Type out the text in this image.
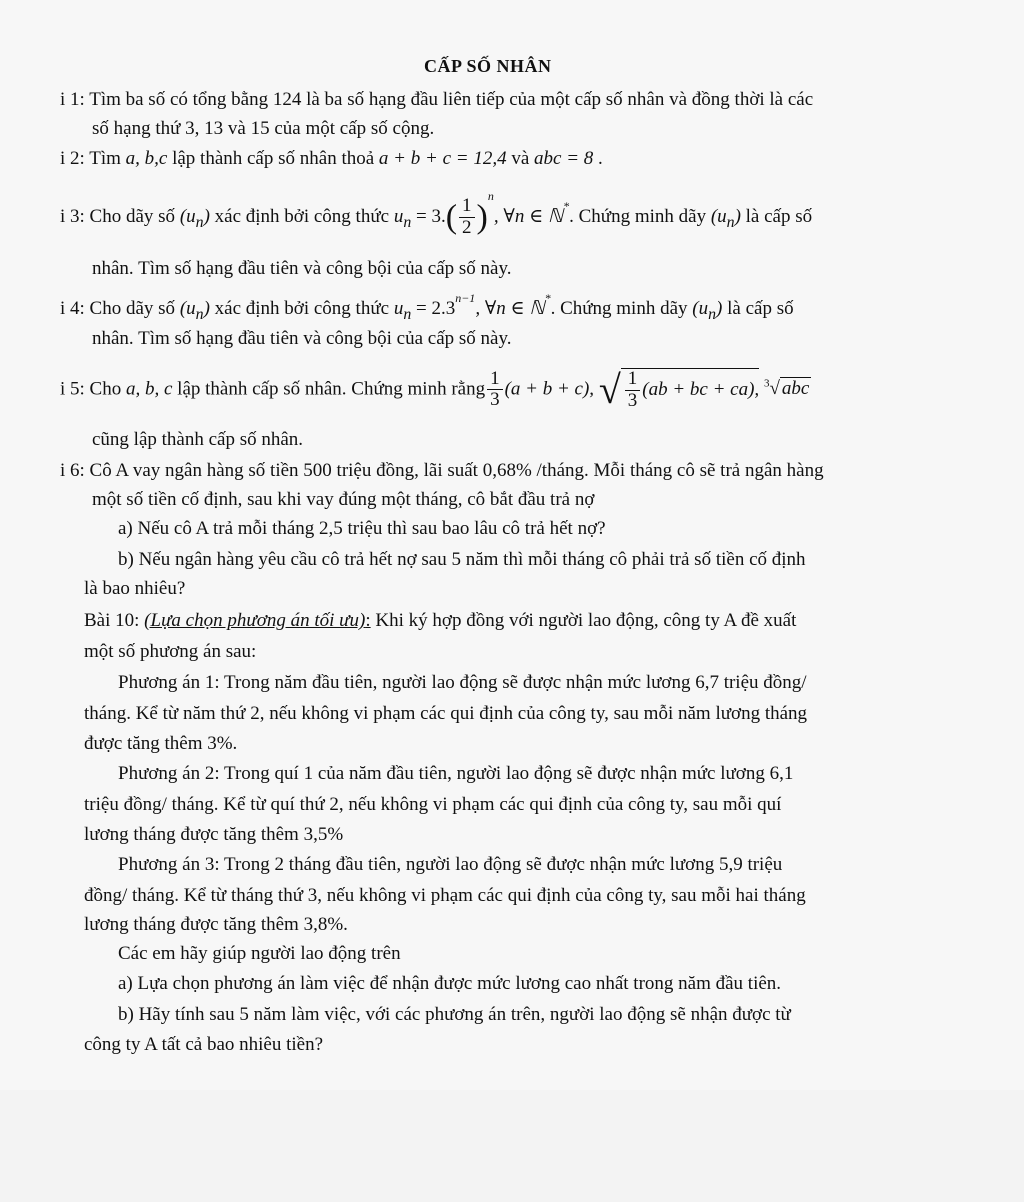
CẤP SỐ NHÂN
i 1: Tìm ba số có tổng bằng 124 là ba số hạng đầu liên tiếp của một cấp số nhân và đồng thời là các
số hạng thứ 3, 13 và 15 của một cấp số cộng.
i 2: Tìm a, b,c lập thành cấp số nhân thoả a + b + c = 12,4 và abc = 8 .
i 3: Cho dãy số $(u_n)$ xác định bởi công thức $u_n = 3.( \frac{1}{2} )^n$, ∀n ∈ ℕ*. Chứng minh dãy $(u_n)$ là cấp số
nhân. Tìm số hạng đầu tiên và công bội của cấp số này.
i 4: Cho dãy số $(u_n)$ xác định bởi công thức $u_n = 2.3^{n-1}$, ∀n ∈ ℕ*. Chứng minh dãy $(u_n)$ là cấp số
nhân. Tìm số hạng đầu tiên và công bội của cấp số này.
i 5: Cho a, b, c lập thành cấp số nhân. Chứng minh rằng $\frac{1}{3} (a + b + c)$, √ $\frac{1}{3} (ab$ + bc + ca), $^3$√ abc
cũng lập thành cấp số nhân.
i 6: Cô A vay ngân hàng số tiền 500 triệu đồng, lãi suất 0,68% /tháng. Mỗi tháng cô sẽ trả ngân hàng
một số tiền cố định, sau khi vay đúng một tháng, cô bắt đầu trả nợ
a) Nếu cô A trả mỗi tháng 2,5 triệu thì sau bao lâu cô trả hết nợ?
b) Nếu ngân hàng yêu cầu cô trả hết nợ sau 5 năm thì mỗi tháng cô phải trả số tiền cố định
là bao nhiêu?
Bài 10: (Lựa chọn phương án tối ưu): Khi ký hợp đồng với người lao động, công ty A đề xuất
một số phương án sau:
Phương án 1: Trong năm đầu tiên, người lao động sẽ được nhận mức lương 6,7 triệu đồng/
tháng. Kể từ năm thứ 2, nếu không vi phạm các qui định của công ty, sau mỗi năm lương tháng
được tăng thêm 3%.
Phương án 2: Trong quí 1 của năm đầu tiên, người lao động sẽ được nhận mức lương 6,1
triệu đồng/ tháng. Kể từ quí thứ 2, nếu không vi phạm các qui định của công ty, sau mỗi quí
lương tháng được tăng thêm 3,5%
Phương án 3: Trong 2 tháng đầu tiên, người lao động sẽ được nhận mức lương 5,9 triệu
đồng/ tháng. Kể từ tháng thứ 3, nếu không vi phạm các qui định của công ty, sau mỗi hai tháng
lương tháng được tăng thêm 3,8%.
Các em hãy giúp người lao động trên
a) Lựa chọn phương án làm việc để nhận được mức lương cao nhất trong năm đầu tiên.
b) Hãy tính sau 5 năm làm việc, với các phương án trên, người lao động sẽ nhận được từ
công ty A tất cả bao nhiêu tiền?
